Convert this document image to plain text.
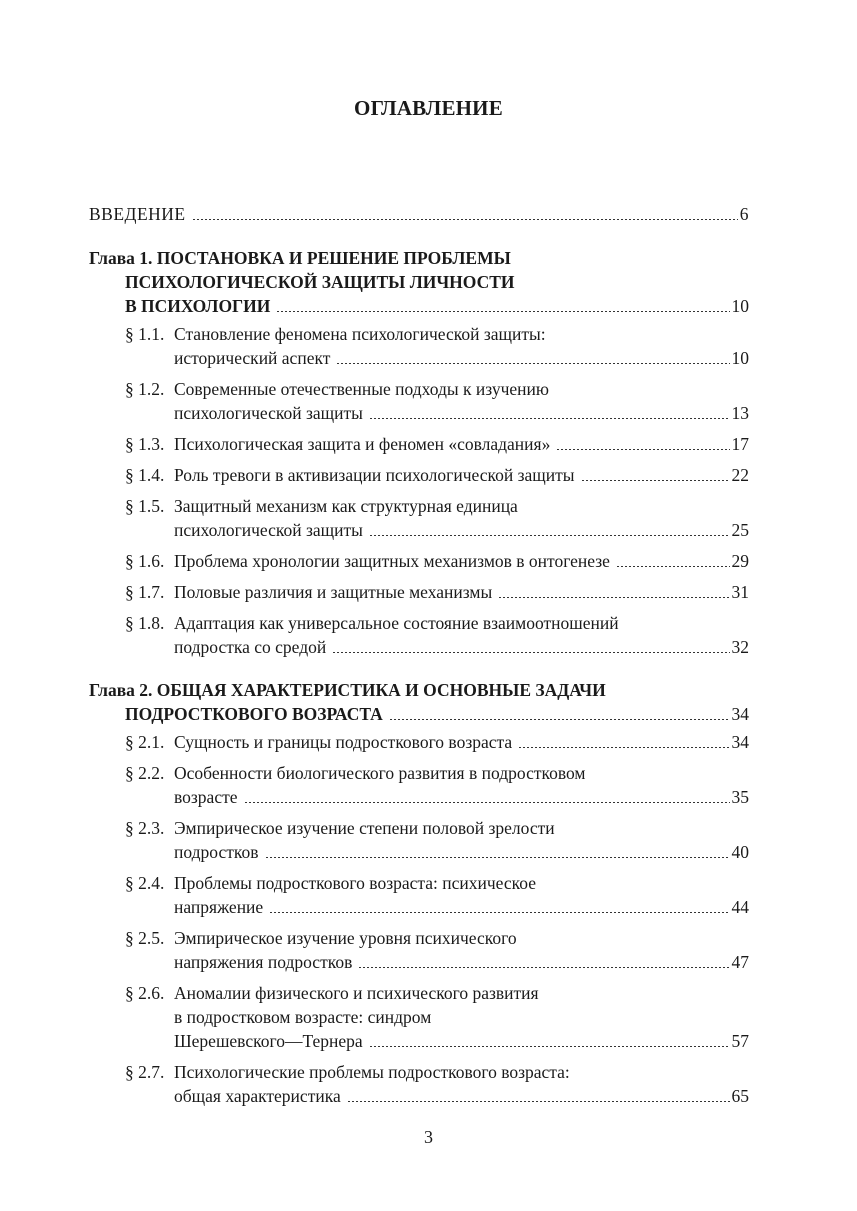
ОГЛАВЛЕНИЕ
ВВЕДЕНИЕ	6
Глава 1. ПОСТАНОВКА И РЕШЕНИЕ ПРОБЛЕМЫ
ПСИХОЛОГИЧЕСКОЙ ЗАЩИТЫ ЛИЧНОСТИ
В ПСИХОЛОГИИ	10
§ 1.1. Становление феномена психологической защиты:
исторический аспект	10
§ 1.2. Современные отечественные подходы к изучению
психологической защиты	13
§ 1.3. Психологическая защита и феномен «совладания»	17
§ 1.4. Роль тревоги в активизации психологической защиты	22
§ 1.5. Защитный механизм как структурная единица
психологической защиты	25
§ 1.6. Проблема хронологии защитных механизмов в онтогенезе	29
§ 1.7. Половые различия и защитные механизмы	31
§ 1.8. Адаптация как универсальное состояние взаимоотношений
подростка со средой	32
Глава 2. ОБЩАЯ ХАРАКТЕРИСТИКА И ОСНОВНЫЕ ЗАДАЧИ
ПОДРОСТКОВОГО ВОЗРАСТА	34
§ 2.1. Сущность и границы подросткового возраста	34
§ 2.2. Особенности биологического развития в подростковом
возрасте	35
§ 2.3. Эмпирическое изучение степени половой зрелости
подростков	40
§ 2.4. Проблемы подросткового возраста: психическое
напряжение	44
§ 2.5. Эмпирическое изучение уровня психического
напряжения подростков	47
§ 2.6. Аномалии физического и психического развития
в подростковом возрасте: синдром
Шерешевского—Тернера	57
§ 2.7. Психологические проблемы подросткового возраста:
общая характеристика	65
3
